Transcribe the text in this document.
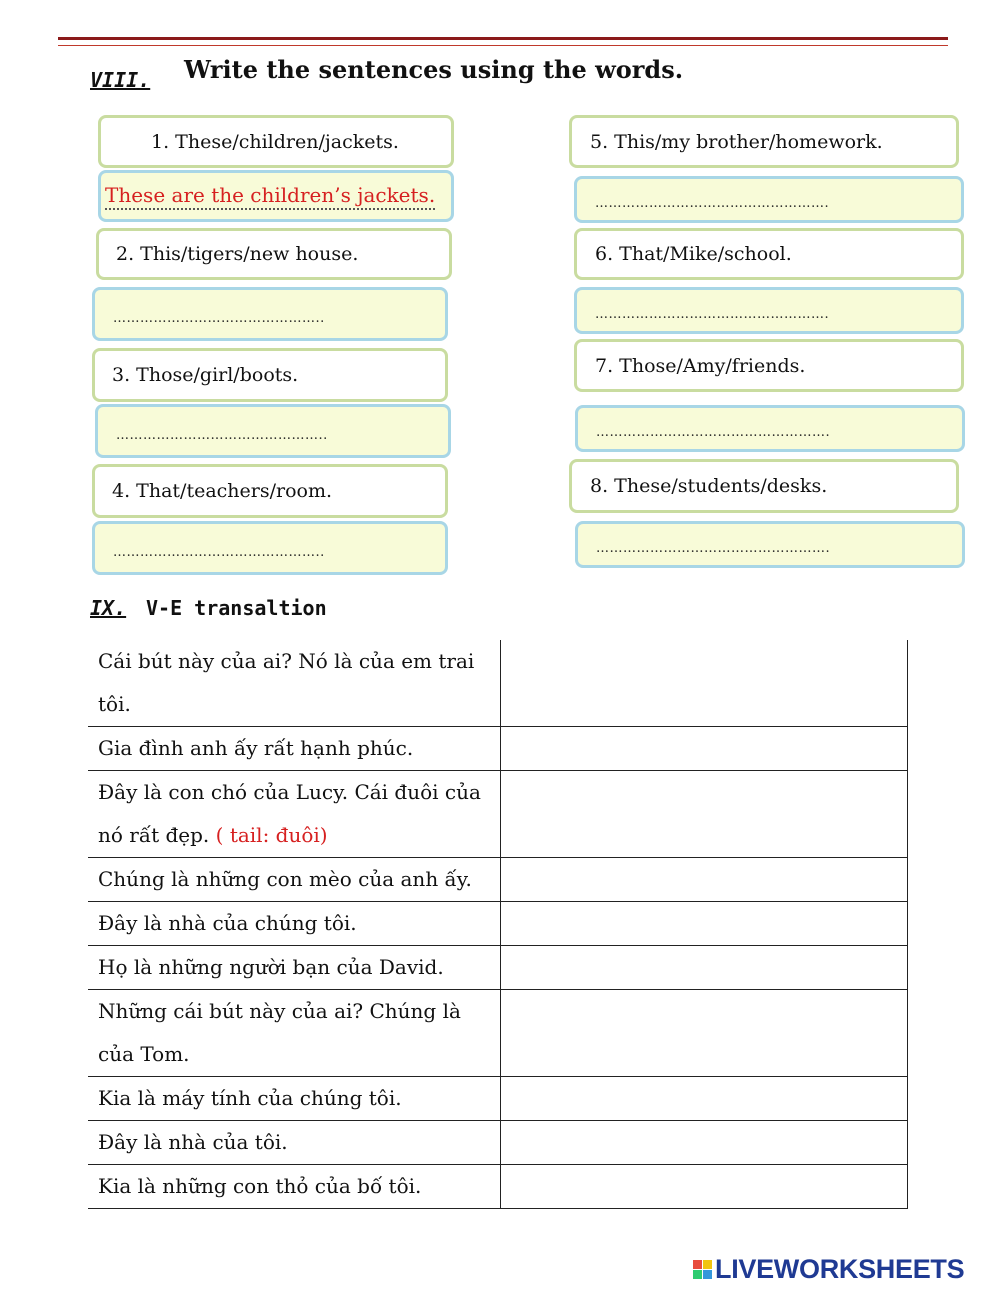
VIII. Write the sentences using the words.
1. These/children/jackets.
These are the children’s jackets.
2. This/tigers/new house.
………………………………………..
3. Those/girl/boots.
………………………………………..
4. That/teachers/room.
………………………………………..
5. This/my brother/homework.
…………………………………………….
6. That/Mike/school.
…………………………………………….
7. Those/Amy/friends.
…………………………………………….
8. These/students/desks.
…………………………………………….
IX. V-E transaltion
Cái bút này của ai? Nó là của em trai tôi.	
Gia đình anh ấy rất hạnh phúc.	
Đây là con chó của Lucy. Cái đuôi của nó rất đẹp. ( tail: đuôi)	
Chúng là những con mèo của anh ấy.	
Đây là nhà của chúng tôi.	
Họ là những người bạn của David.	
Những cái bút này của ai? Chúng là của Tom.	
Kia là máy tính của chúng tôi.	
Đây là nhà của tôi.	
Kia là những con thỏ của bố tôi.	
LIVEWORKSHEETS
